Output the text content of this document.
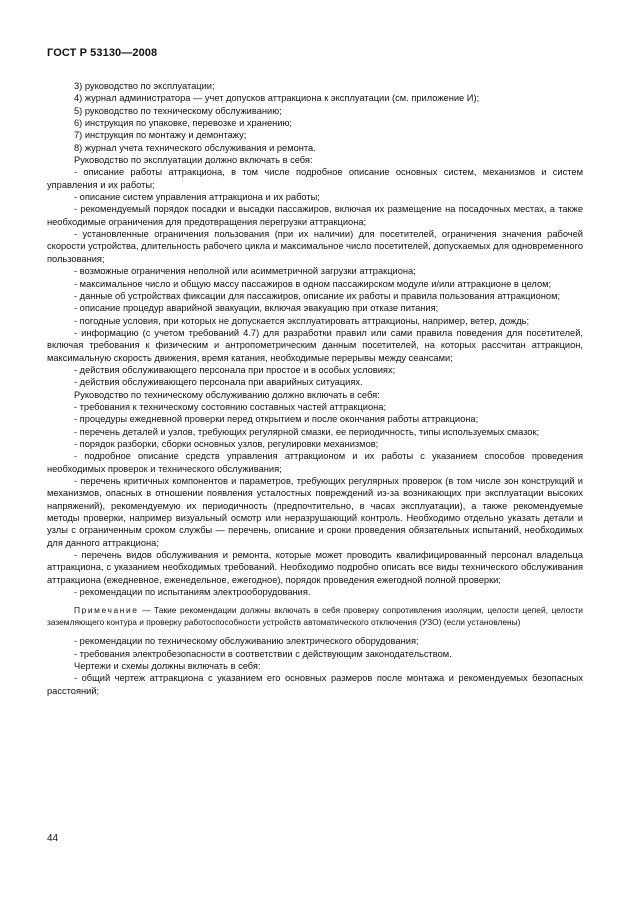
ГОСТ Р 53130—2008

3) руководство по эксплуатации;

4) журнал администратора — учет допусков аттракциона к эксплуатации (см. приложение И);

5) руководство по техническому обслуживанию;

6) инструкция по упаковке, перевозке и хранению;

7) инструкция по монтажу и демонтажу;

8) журнал учета технического обслуживания и ремонта.

Руководство по эксплуатации должно включать в себя:

- описание работы аттракциона, в том числе подробное описание основных систем, механизмов и систем управления и их работы;

- описание систем управления аттракциона и их работы;

- рекомендуемый порядок посадки и высадки пассажиров, включая их размещение на посадочных местах, а также необходимые ограничения для предотвращения перегрузки аттракциона;

- установленные ограничения пользования (при их наличии) для посетителей, ограничения значения рабочей скорости устройства, длительность рабочего цикла и максимальное число посетителей, допускаемых для одновременного пользования;

- возможные ограничения неполной или асимметричной загрузки аттракциона;

- максимальное число и общую массу пассажиров в одном пассажирском модуле и/или аттракционе в целом;

- данные об устройствах фиксации для пассажиров, описание их работы и правила пользования аттракционом;

- описание процедур аварийной эвакуации, включая эвакуацию при отказе питания;

- погодные условия, при которых не допускается эксплуатировать аттракционы, например, ветер, дождь;

- информацию (с учетом требований 4.7) для разработки правил или сами правила поведения для посетителей, включая требования к физическим и антропометрическим данным посетителей, на которых рассчитан аттракцион, максимальную скорость движения, время катания, необходимые перерывы между сеансами;

- действия обслуживающего персонала при простое и в особых условиях;

- действия обслуживающего персонала при аварийных ситуациях.

Руководство по техническому обслуживанию должно включать в себя:

- требования к техническому состоянию составных частей аттракциона;

- процедуры ежедневной проверки перед открытием и после окончания работы аттракциона;

- перечень деталей и узлов, требующих регулярной смазки, ее периодичность, типы используемых смазок;

- порядок разборки, сборки основных узлов, регулировки механизмов;

- подробное описание средств управления аттракционом и их работы с указанием способов проведения необходимых проверок и технического обслуживания;

- перечень критичных компонентов и параметров, требующих регулярных проверок (в том числе зон конструкций и механизмов, опасных в отношении появления усталостных повреждений из-за возникающих при эксплуатации высоких напряжений), рекомендуемую их периодичность (предпочтительно, в часах эксплуатации), а также рекомендуемые методы проверки, например визуальный осмотр или неразрушающий контроль. Необходимо отдельно указать детали и узлы с ограниченным сроком службы — перечень, описание и сроки проведения обязательных испытаний, необходимых для данного аттракциона;

- перечень видов обслуживания и ремонта, которые может проводить квалифицированный персонал владельца аттракциона, с указанием необходимых требований. Необходимо подробно описать все виды технического обслуживания аттракциона (ежедневное, еженедельное, ежегодное), порядок проведения ежегодной полной проверки;

- рекомендации по испытаниям электрооборудования.

Примечание — Такие рекомендации должны включать в себя проверку сопротивления изоляции, целости цепей, целости заземляющего контура и проверку работоспособности устройств автоматического отключения (УЗО) (если установлены)

- рекомендации по техническому обслуживанию электрического оборудования;

- требования электробезопасности в соответствии с действующим законодательством.

Чертежи и схемы должны включать в себя:

- общий чертеж аттракциона с указанием его основных размеров после монтажа и рекомендуемых безопасных расстояний;

44
